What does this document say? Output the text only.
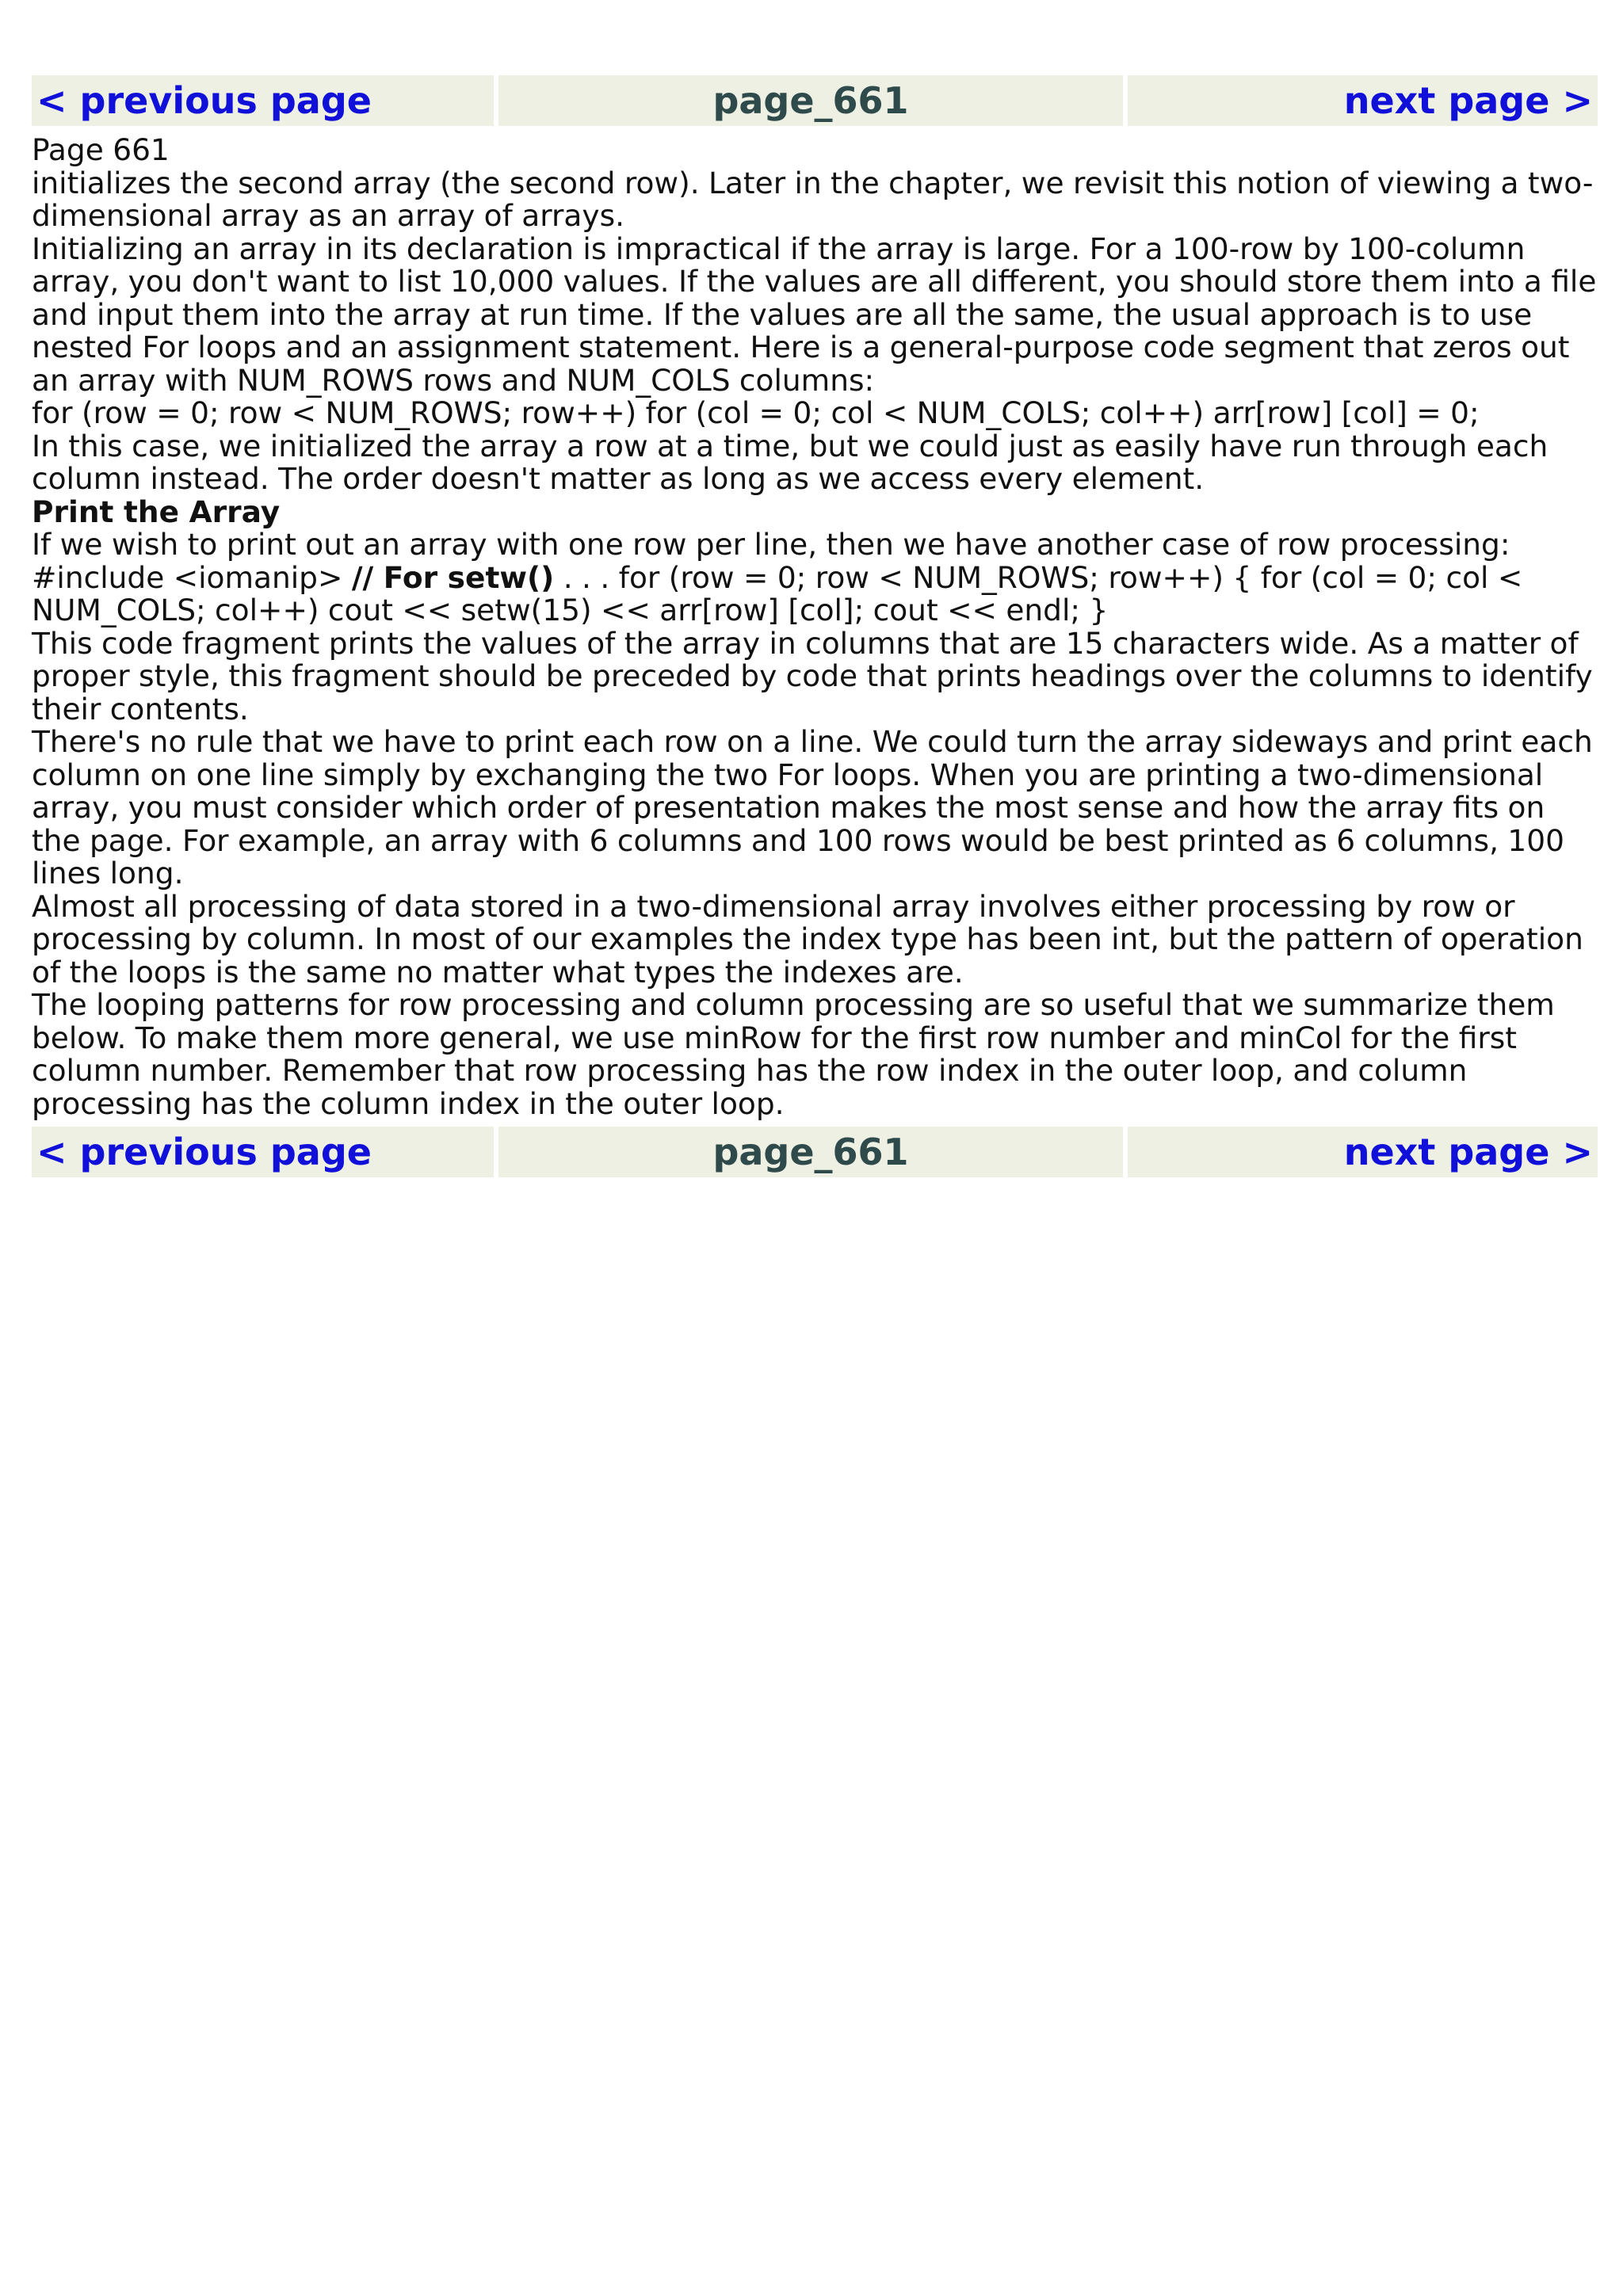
< previous page	page_661	next page >

Page 661

initializes the second array (the second row). Later in the chapter, we revisit this notion of viewing a two-dimensional array as an array of arrays.

Initializing an array in its declaration is impractical if the array is large. For a 100-row by 100-column array, you don't want to list 10,000 values. If the values are all different, you should store them into a file and input them into the array at run time. If the values are all the same, the usual approach is to use nested For loops and an assignment statement. Here is a general-purpose code segment that zeros out an array with NUM_ROWS rows and NUM_COLS columns:

for (row = 0; row < NUM_ROWS; row++) for (col = 0; col < NUM_COLS; col++) arr[row] [col] = 0;

In this case, we initialized the array a row at a time, but we could just as easily have run through each column instead. The order doesn't matter as long as we access every element.

Print the Array

If we wish to print out an array with one row per line, then we have another case of row processing:

#include <iomanip> // For setw() . . . for (row = 0; row < NUM_ROWS; row++) { for (col = 0; col < NUM_COLS; col++) cout << setw(15) << arr[row] [col]; cout << endl; }

This code fragment prints the values of the array in columns that are 15 characters wide. As a matter of proper style, this fragment should be preceded by code that prints headings over the columns to identify their contents.

There's no rule that we have to print each row on a line. We could turn the array sideways and print each column on one line simply by exchanging the two For loops. When you are printing a two-dimensional array, you must consider which order of presentation makes the most sense and how the array fits on the page. For example, an array with 6 columns and 100 rows would be best printed as 6 columns, 100 lines long.

Almost all processing of data stored in a two-dimensional array involves either processing by row or processing by column. In most of our examples the index type has been int, but the pattern of operation of the loops is the same no matter what types the indexes are.

The looping patterns for row processing and column processing are so useful that we summarize them below. To make them more general, we use minRow for the first row number and minCol for the first column number. Remember that row processing has the row index in the outer loop, and column processing has the column index in the outer loop.

< previous page	page_661	next page >
